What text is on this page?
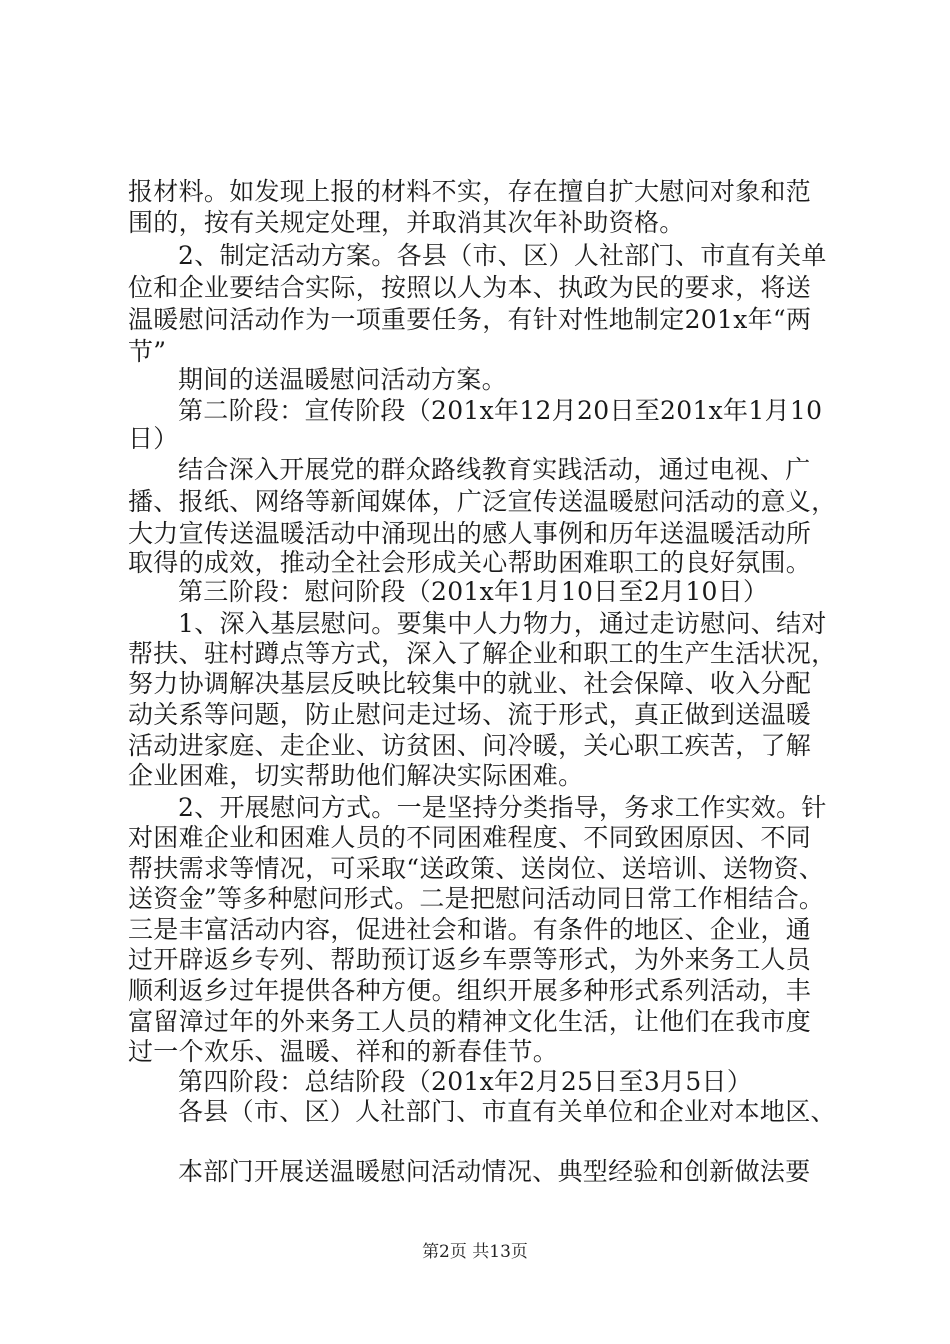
报材料。如发现上报的材料不实，存在擅自扩大慰问对象和范
围的，按有关规定处理，并取消其次年补助资格。
2、制定活动方案。各县（市、区）人社部门、市直有关单
位和企业要结合实际，按照以人为本、执政为民的要求，将送
温暖慰问活动作为一项重要任务，有针对性地制定201x年“两
节”
期间的送温暖慰问活动方案。
第二阶段：宣传阶段（201x年12月20日至201x年1月10
日）
结合深入开展党的群众路线教育实践活动，通过电视、广
播、报纸、网络等新闻媒体，广泛宣传送温暖慰问活动的意义，
大力宣传送温暖活动中涌现出的感人事例和历年送温暖活动所
取得的成效，推动全社会形成关心帮助困难职工的良好氛围。
第三阶段：慰问阶段（201x年1月10日至2月10日）
1、深入基层慰问。要集中人力物力，通过走访慰问、结对
帮扶、驻村蹲点等方式，深入了解企业和职工的生产生活状况，
努力协调解决基层反映比较集中的就业、社会保障、收入分配
动关系等问题，防止慰问走过场、流于形式，真正做到送温暖
活动进家庭、走企业、访贫困、问冷暖，关心职工疾苦，了解
企业困难，切实帮助他们解决实际困难。
2、开展慰问方式。一是坚持分类指导，务求工作实效。针
对困难企业和困难人员的不同困难程度、不同致困原因、不同
帮扶需求等情况，可采取“送政策、送岗位、送培训、送物资、
送资金”等多种慰问形式。二是把慰问活动同日常工作相结合。
三是丰富活动内容，促进社会和谐。有条件的地区、企业，通
过开辟返乡专列、帮助预订返乡车票等形式，为外来务工人员
顺利返乡过年提供各种方便。组织开展多种形式系列活动，丰
富留漳过年的外来务工人员的精神文化生活，让他们在我市度
过一个欢乐、温暖、祥和的新春佳节。
第四阶段：总结阶段（201x年2月25日至3月5日）
各县（市、区）人社部门、市直有关单位和企业对本地区、
本部门开展送温暖慰问活动情况、典型经验和创新做法要
第2页 共13页
